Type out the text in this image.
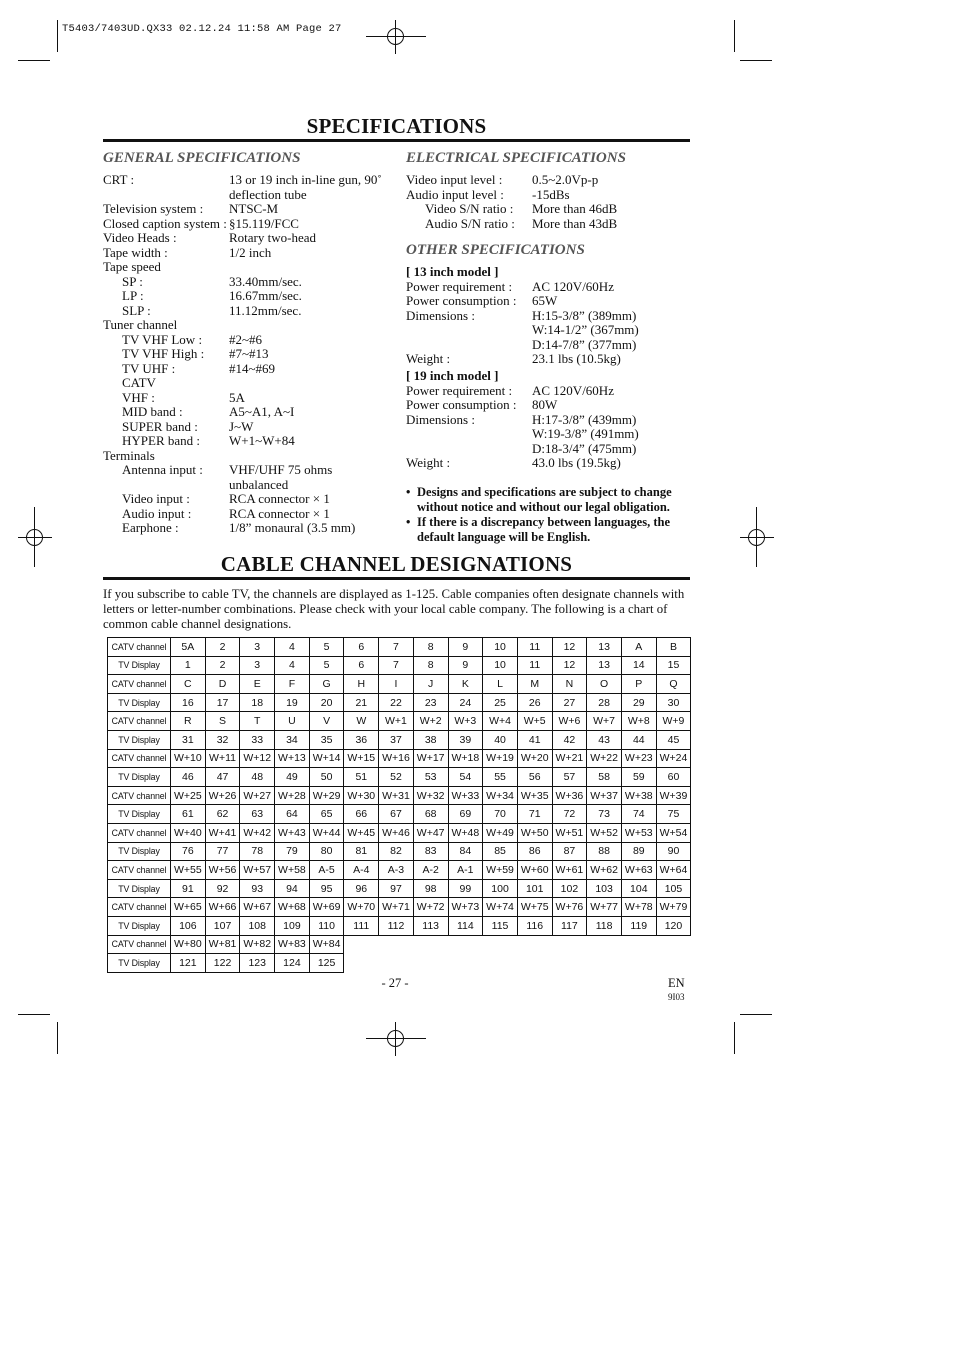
T5403/7403UD.QX33 02.12.24 11:58 AM Page 27
SPECIFICATIONS
GENERAL SPECIFICATIONS	ELECTRICAL SPECIFICATIONS
OTHER SPECIFICATIONS
CRT :	13 or 19 inch in-line gun, 90˚
deflection tube
Television system : NTSC-M
Closed caption system : §15.119/FCC
Video Heads :	Rotary two-head
Tape width :	1/2 inch
Tape speed
SP :	33.40mm/sec.
LP :	16.67mm/sec.
SLP :	11.12mm/sec.
Tuner channel
TV VHF Low : #2~#6
TV VHF High : #7~#13
TV UHF :	#14~#69
CATV
VHF :	5A
MID band :	A5~A1, A~I
SUPER band : J~W
HYPER band : W+1~W+84
Terminals
Antenna input : VHF/UHF 75 ohms
unbalanced
Video input :	RCA connector × 1
Audio input :	RCA connector × 1
Earphone :	1/8” monaural (3.5 mm)
Video input level : 0.5~2.0Vp-p
Audio input level : -15dBs
Video S/N ratio : More than 46dB
Audio S/N ratio : More than 43dB
[ 13 inch model ]
Power requirement : AC 120V/60Hz
Power consumption : 65W
Dimensions :	H:15-3/8” (389mm)
W:14-1/2” (367mm)
D:14-7/8” (377mm)
Weight :	23.1 lbs (10.5kg)
[ 19 inch model ]
Power requirement : AC 120V/60Hz
Power consumption : 80W
Dimensions :	H:17-3/8” (439mm)
W:19-3/8” (491mm)
D:18-3/4” (475mm)
Weight :	43.0 lbs (19.5kg)
• Designs and specifications are subject to change without notice and without our legal obligation.
• If there is a discrepancy between languages, the default language will be English.
CABLE CHANNEL DESIGNATIONS
If you subscribe to cable TV, the channels are displayed as 1-125. Cable companies often designate channels with letters or letter-number combinations. Please check with your local cable company. The following is a chart of common cable channel designations.
CATV channel	5A	2	3	4	5	6	7	8	9	10	11	12	13	A	B
TV Display	1	2	3	4	5	6	7	8	9	10	11	12	13	14	15
CATV channel	C	D	E	F	G	H	I	J	K	L	M	N	O	P	Q
TV Display	16	17	18	19	20	21	22	23	24	25	26	27	28	29	30
CATV channel	R	S	T	U	V	W	W+1	W+2	W+3	W+4	W+5	W+6	W+7	W+8	W+9
TV Display	31	32	33	34	35	36	37	38	39	40	41	42	43	44	45
CATV channel	W+10	W+11	W+12	W+13	W+14	W+15	W+16	W+17	W+18	W+19	W+20	W+21	W+22	W+23	W+24
TV Display	46	47	48	49	50	51	52	53	54	55	56	57	58	59	60
CATV channel	W+25	W+26	W+27	W+28	W+29	W+30	W+31	W+32	W+33	W+34	W+35	W+36	W+37	W+38	W+39
TV Display	61	62	63	64	65	66	67	68	69	70	71	72	73	74	75
CATV channel	W+40	W+41	W+42	W+43	W+44	W+45	W+46	W+47	W+48	W+49	W+50	W+51	W+52	W+53	W+54
TV Display	76	77	78	79	80	81	82	83	84	85	86	87	88	89	90
CATV channel	W+55	W+56	W+57	W+58	A-5	A-4	A-3	A-2	A-1	W+59	W+60	W+61	W+62	W+63	W+64
TV Display	91	92	93	94	95	96	97	98	99	100	101	102	103	104	105
CATV channel	W+65	W+66	W+67	W+68	W+69	W+70	W+71	W+72	W+73	W+74	W+75	W+76	W+77	W+78	W+79
TV Display	106	107	108	109	110	111	112	113	114	115	116	117	118	119	120
CATV channel	W+80	W+81	W+82	W+83	W+84										
TV Display	121	122	123	124	125										
- 27 -	EN
9I03
